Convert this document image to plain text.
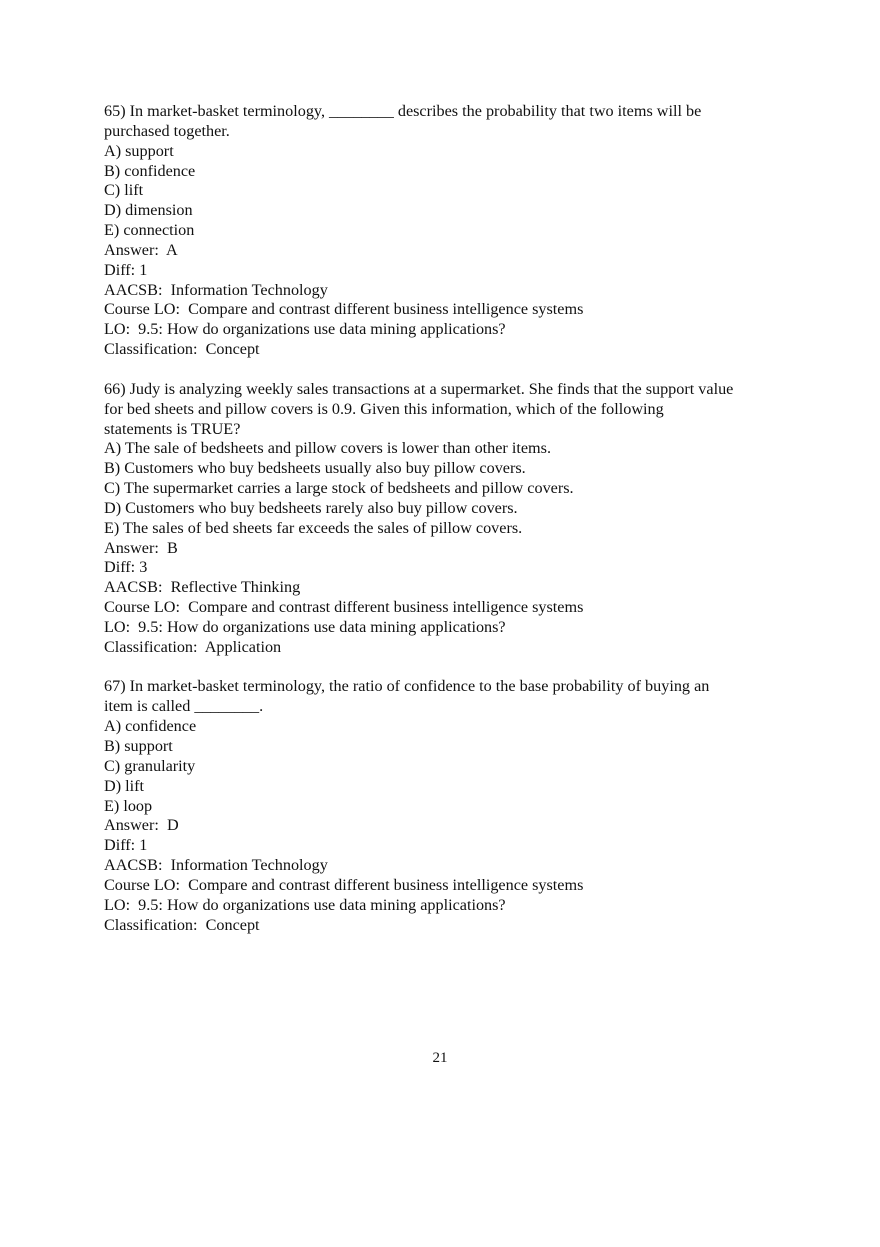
65) In market-basket terminology, ________ describes the probability that two items will be
purchased together.
A) support
B) confidence
C) lift
D) dimension
E) connection
Answer:  A
Diff: 1
AACSB:  Information Technology
Course LO:  Compare and contrast different business intelligence systems
LO:  9.5: How do organizations use data mining applications?
Classification:  Concept
66) Judy is analyzing weekly sales transactions at a supermarket. She finds that the support value
for bed sheets and pillow covers is 0.9. Given this information, which of the following
statements is TRUE?
A) The sale of bedsheets and pillow covers is lower than other items.
B) Customers who buy bedsheets usually also buy pillow covers.
C) The supermarket carries a large stock of bedsheets and pillow covers.
D) Customers who buy bedsheets rarely also buy pillow covers.
E) The sales of bed sheets far exceeds the sales of pillow covers.
Answer:  B
Diff: 3
AACSB:  Reflective Thinking
Course LO:  Compare and contrast different business intelligence systems
LO:  9.5: How do organizations use data mining applications?
Classification:  Application
67) In market-basket terminology, the ratio of confidence to the base probability of buying an
item is called ________.
A) confidence
B) support
C) granularity
D) lift
E) loop
Answer:  D
Diff: 1
AACSB:  Information Technology
Course LO:  Compare and contrast different business intelligence systems
LO:  9.5: How do organizations use data mining applications?
Classification:  Concept
21
